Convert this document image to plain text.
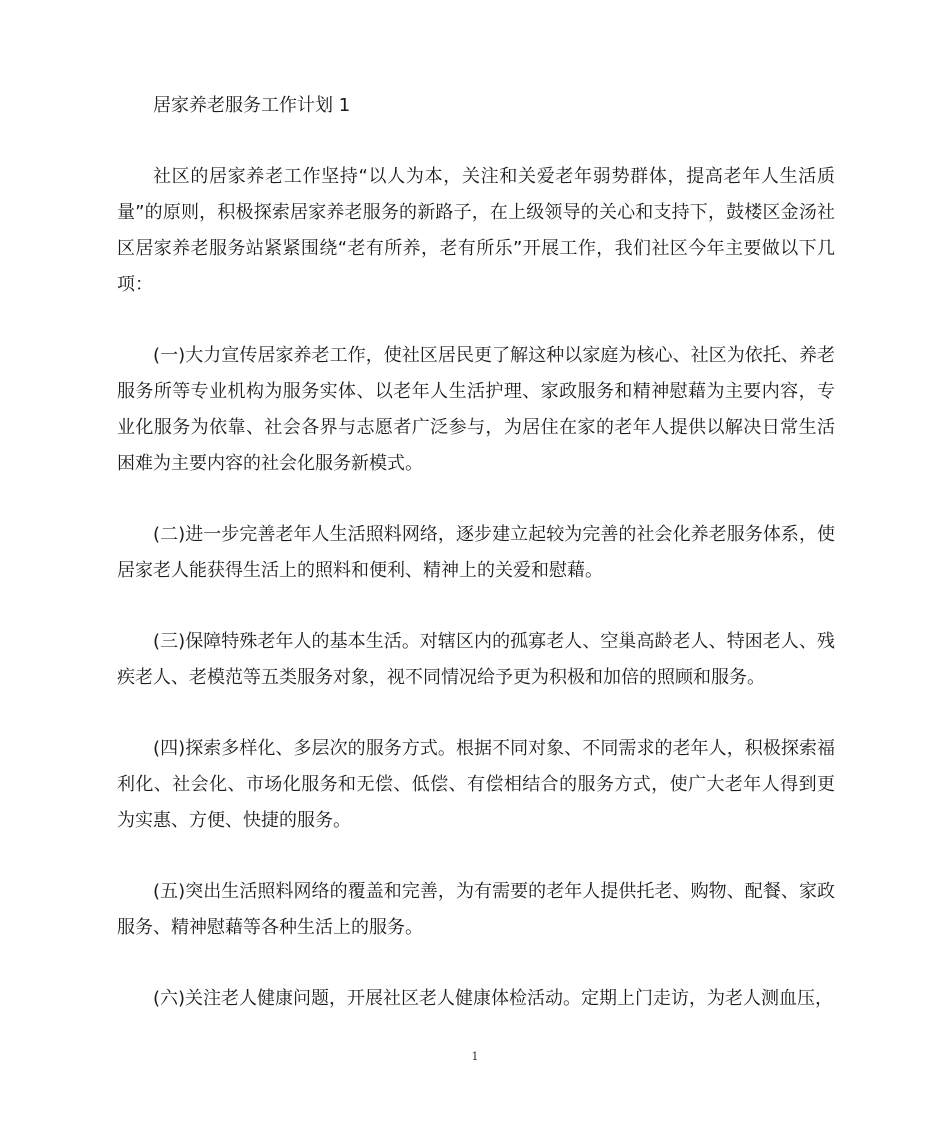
居家养老服务工作计划 1

社区的居家养老工作坚持“以人为本，关注和关爱老年弱势群体，提高老年人生活质量”的原则，积极探索居家养老服务的新路子，在上级领导的关心和支持下，鼓楼区金汤社区居家养老服务站紧紧围绕“老有所养，老有所乐”开展工作，我们社区今年主要做以下几项：

(一)大力宣传居家养老工作，使社区居民更了解这种以家庭为核心、社区为依托、养老服务所等专业机构为服务实体、以老年人生活护理、家政服务和精神慰藉为主要内容，专业化服务为依靠、社会各界与志愿者广泛参与，为居住在家的老年人提供以解决日常生活困难为主要内容的社会化服务新模式。

(二)进一步完善老年人生活照料网络，逐步建立起较为完善的社会化养老服务体系，使居家老人能获得生活上的照料和便利、精神上的关爱和慰藉。

(三)保障特殊老年人的基本生活。对辖区内的孤寡老人、空巢高龄老人、特困老人、残疾老人、老模范等五类服务对象，视不同情况给予更为积极和加倍的照顾和服务。

(四)探索多样化、多层次的服务方式。根据不同对象、不同需求的老年人，积极探索福利化、社会化、市场化服务和无偿、低偿、有偿相结合的服务方式，使广大老年人得到更为实惠、方便、快捷的服务。

(五)突出生活照料网络的覆盖和完善，为有需要的老年人提供托老、购物、配餐、家政服务、精神慰藉等各种生活上的服务。

(六)关注老人健康问题，开展社区老人健康体检活动。定期上门走访，为老人测血压，

1
